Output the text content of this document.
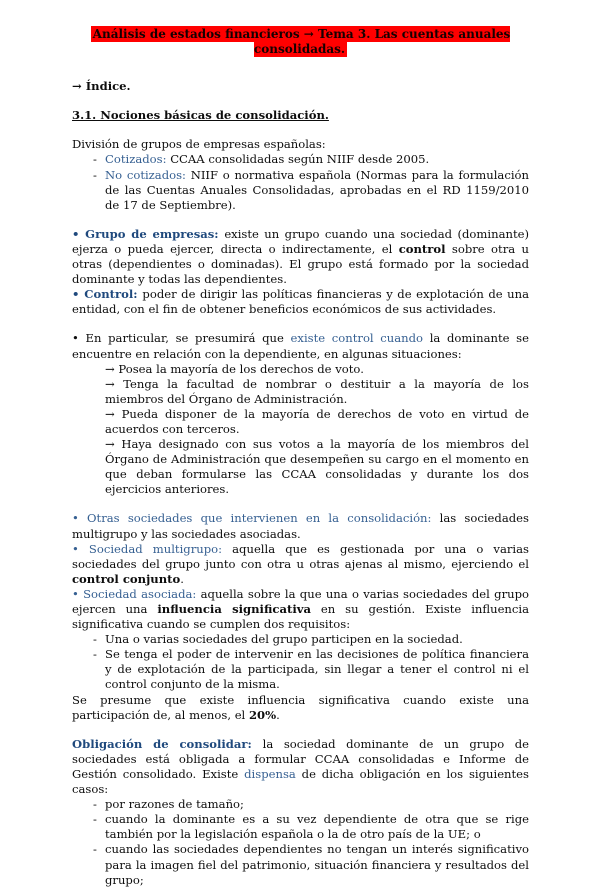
Análisis de estados financieros → Tema 3. Las cuentas anuales consolidadas.
→ Índice.
3.1. Nociones básicas de consolidación.
División de grupos de empresas españolas:
- Cotizados: CCAA consolidadas según NIIF desde 2005.
- No cotizados: NIIF o normativa española (Normas para la formulación de las Cuentas Anuales Consolidadas, aprobadas en el RD 1159/2010 de 17 de Septiembre).
• Grupo de empresas: existe un grupo cuando una sociedad (dominante) ejerza o pueda ejercer, directa o indirectamente, el control sobre otra u otras (dependientes o dominadas). El grupo está formado por la sociedad dominante y todas las dependientes.
• Control: poder de dirigir las políticas financieras y de explotación de una entidad, con el fin de obtener beneficios económicos de sus actividades.
• En particular, se presumirá que existe control cuando la dominante se encuentre en relación con la dependiente, en algunas situaciones:
→ Posea la mayoría de los derechos de voto.
→ Tenga la facultad de nombrar o destituir a la mayoría de los miembros del Órgano de Administración.
→ Pueda disponer de la mayoría de derechos de voto en virtud de acuerdos con terceros.
→ Haya designado con sus votos a la mayoría de los miembros del Órgano de Administración que desempeñen su cargo en el momento en que deban formularse las CCAA consolidadas y durante los dos ejercicios anteriores.
• Otras sociedades que intervienen en la consolidación: las sociedades multigrupo y las sociedades asociadas.
• Sociedad multigrupo: aquella que es gestionada por una o varias sociedades del grupo junto con otra u otras ajenas al mismo, ejerciendo el control conjunto.
• Sociedad asociada: aquella sobre la que una o varias sociedades del grupo ejercen una influencia significativa en su gestión. Existe influencia significativa cuando se cumplen dos requisitos:
- Una o varias sociedades del grupo participen en la sociedad.
- Se tenga el poder de intervenir en las decisiones de política financiera y de explotación de la participada, sin llegar a tener el control ni el control conjunto de la misma.
Se presume que existe influencia significativa cuando existe una participación de, al menos, el 20%.
Obligación de consolidar: la sociedad dominante de un grupo de sociedades está obligada a formular CCAA consolidadas e Informe de Gestión consolidado. Existe dispensa de dicha obligación en los siguientes casos:
- por razones de tamaño;
- cuando la dominante es a su vez dependiente de otra que se rige también por la legislación española o la de otro país de la UE; o
- cuando las sociedades dependientes no tengan un interés significativo para la imagen fiel del patrimonio, situación financiera y resultados del grupo;
